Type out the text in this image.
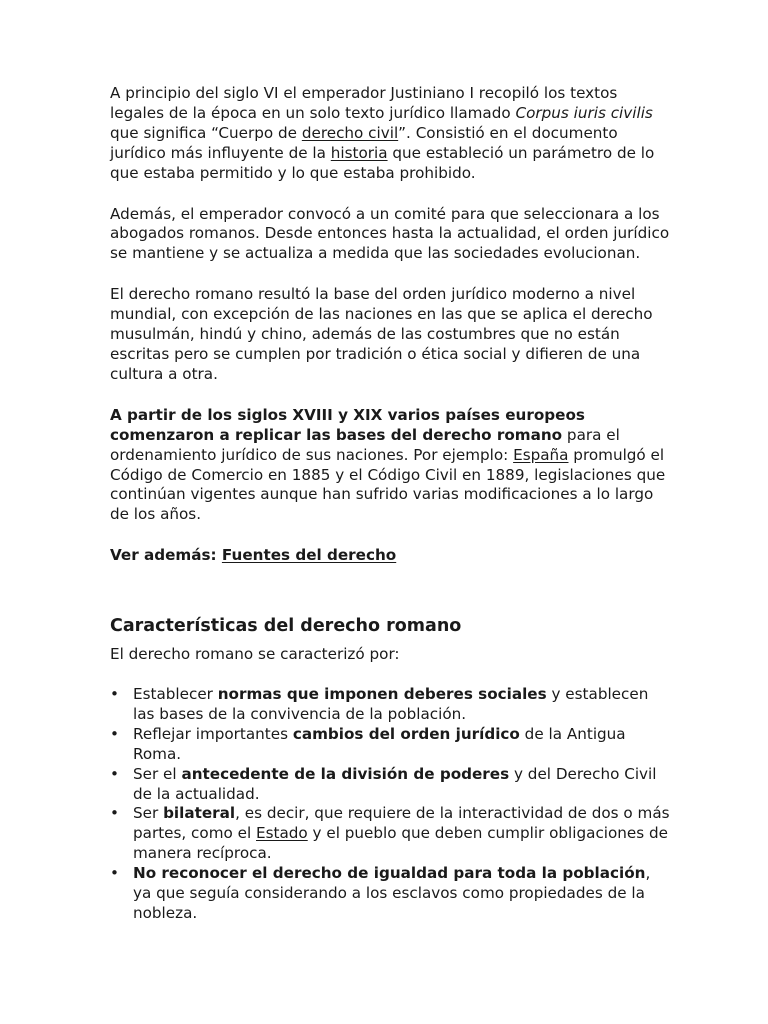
A principio del siglo VI el emperador Justiniano I recopiló los textos legales de la época en un solo texto jurídico llamado Corpus iuris civilis que significa “Cuerpo de derecho civil”. Consistió en el documento jurídico más influyente de la historia que estableció un parámetro de lo que estaba permitido y lo que estaba prohibido.

Además, el emperador convocó a un comité para que seleccionara a los abogados romanos. Desde entonces hasta la actualidad, el orden jurídico se mantiene y se actualiza a medida que las sociedades evolucionan.

El derecho romano resultó la base del orden jurídico moderno a nivel mundial, con excepción de las naciones en las que se aplica el derecho musulmán, hindú y chino, además de las costumbres que no están escritas pero se cumplen por tradición o ética social y difieren de una cultura a otra.

A partir de los siglos XVIII y XIX varios países europeos comenzaron a replicar las bases del derecho romano para el ordenamiento jurídico de sus naciones. Por ejemplo: España promulgó el Código de Comercio en 1885 y el Código Civil en 1889, legislaciones que continúan vigentes aunque han sufrido varias modificaciones a lo largo de los años.

Ver además: Fuentes del derecho

Características del derecho romano

El derecho romano se caracterizó por:

• Establecer normas que imponen deberes sociales y establecen las bases de la convivencia de la población.
• Reflejar importantes cambios del orden jurídico de la Antigua Roma.
• Ser el antecedente de la división de poderes y del Derecho Civil de la actualidad.
• Ser bilateral, es decir, que requiere de la interactividad de dos o más partes, como el Estado y el pueblo que deben cumplir obligaciones de manera recíproca.
• No reconocer el derecho de igualdad para toda la población, ya que seguía considerando a los esclavos como propiedades de la nobleza.
